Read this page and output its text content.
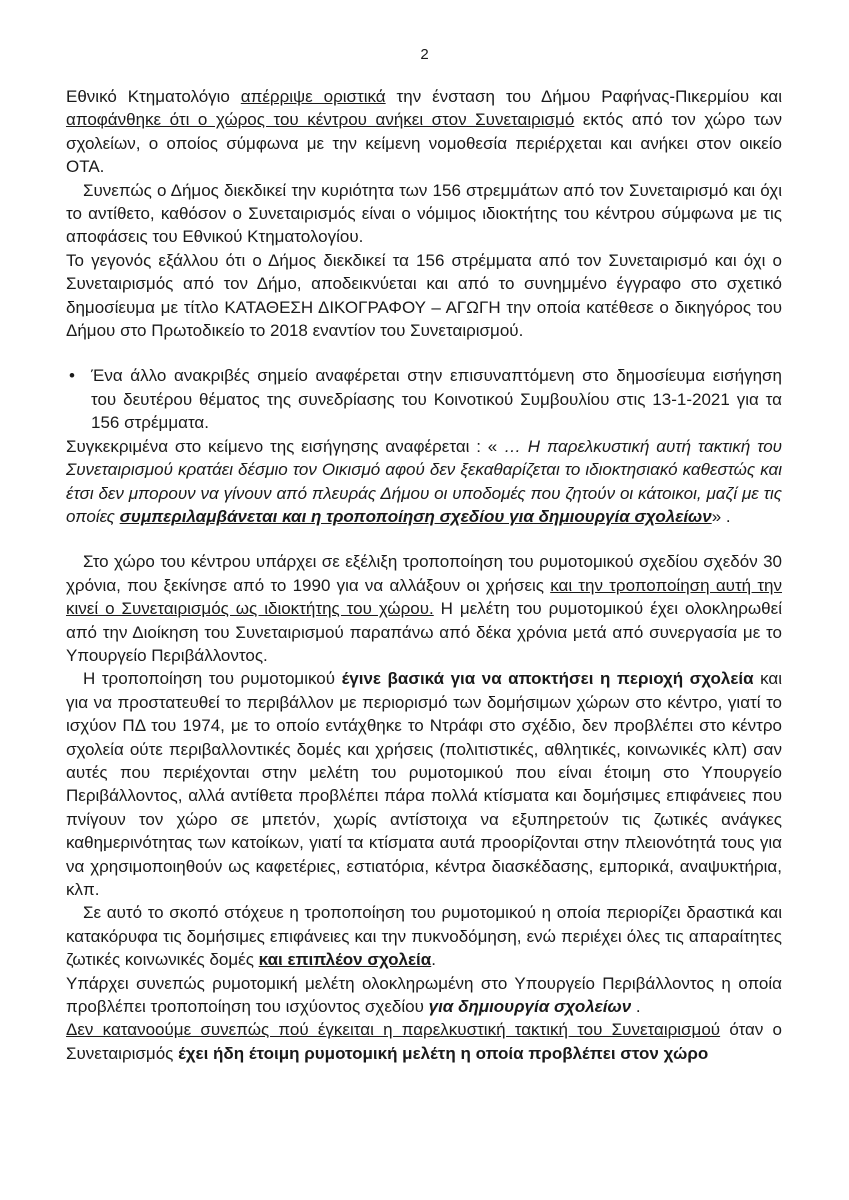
2

Εθνικό Κτηματολόγιο απέρριψε οριστικά την ένσταση του Δήμου Ραφήνας-Πικερμίου και αποφάνθηκε ότι ο χώρος του κέντρου ανήκει στον Συνεταιρισμό εκτός από τον χώρο των σχολείων, ο οποίος σύμφωνα με την κείμενη νομοθεσία περιέρχεται και ανήκει στον οικείο ΟΤΑ.

Συνεπώς ο Δήμος διεκδικεί την κυριότητα των 156 στρεμμάτων από τον Συνεταιρισμό και όχι το αντίθετο, καθόσον ο Συνεταιρισμός είναι ο νόμιμος ιδιοκτήτης του κέντρου σύμφωνα με τις αποφάσεις του Εθνικού Κτηματολογίου.

Το γεγονός εξάλλου ότι ο Δήμος διεκδικεί τα 156 στρέμματα από τον Συνεταιρισμό και όχι ο Συνεταιρισμός από τον Δήμο, αποδεικνύεται και από το συνημμένο έγγραφο στο σχετικό δημοσίευμα με τίτλο ΚΑΤΑΘΕΣΗ ΔΙΚΟΓΡΑΦΟΥ – ΑΓΩΓΗ την οποία κατέθεσε ο δικηγόρος του Δήμου στο Πρωτοδικείο το 2018 εναντίον του Συνεταιρισμού.

• Ένα άλλο ανακριβές σημείο αναφέρεται στην επισυναπτόμενη στο δημοσίευμα εισήγηση του δευτέρου θέματος της συνεδρίασης του Κοινοτικού Συμβουλίου στις 13-1-2021 για τα 156 στρέμματα.

Συγκεκριμένα στο κείμενο της εισήγησης αναφέρεται : « … Η παρελκυστική αυτή τακτική του Συνεταιρισμού κρατάει δέσμιο τον Οικισμό αφού δεν ξεκαθαρίζεται το ιδιοκτησιακό καθεστώς και έτσι δεν μπορουν να γίνουν από πλευράς Δήμου οι υποδομές που ζητούν οι κάτοικοι, μαζί με τις οποίες συμπεριλαμβάνεται και η τροποποίηση σχεδίου για δημιουργία σχολείων» .

Στο χώρο του κέντρου υπάρχει σε εξέλιξη τροποποίηση του ρυμοτομικού σχεδίου σχεδόν 30 χρόνια, που ξεκίνησε από το 1990 για να αλλάξουν οι χρήσεις και την τροποποίηση αυτή την κινεί ο Συνεταιρισμός ως ιδιοκτήτης του χώρου. Η μελέτη του ρυμοτομικού έχει ολοκληρωθεί από την Διοίκηση του Συνεταιρισμού παραπάνω από δέκα χρόνια μετά από συνεργασία με το Υπουργείο Περιβάλλοντος.

Η τροποποίηση του ρυμοτομικού έγινε βασικά για να αποκτήσει η περιοχή σχολεία και για να προστατευθεί το περιβάλλον με περιορισμό των δομήσιμων χώρων στο κέντρο, γιατί το ισχύον ΠΔ του 1974, με το οποίο εντάχθηκε το Ντράφι στο σχέδιο, δεν προβλέπει στο κέντρο σχολεία ούτε περιβαλλοντικές δομές και χρήσεις (πολιτιστικές, αθλητικές, κοινωνικές κλπ) σαν αυτές που περιέχονται στην μελέτη του ρυμοτομικού που είναι έτοιμη στο Υπουργείο Περιβάλλοντος, αλλά αντίθετα προβλέπει πάρα πολλά κτίσματα και δομήσιμες επιφάνειες που πνίγουν τον χώρο σε μπετόν, χωρίς αντίστοιχα να εξυπηρετούν τις ζωτικές ανάγκες καθημερινότητας των κατοίκων, γιατί τα κτίσματα αυτά προορίζονται στην πλειονότητά τους για να χρησιμοποιηθούν ως καφετέριες, εστιατόρια, κέντρα διασκέδασης, εμπορικά, αναψυκτήρια, κλπ.

Σε αυτό το σκοπό στόχευε η τροποποίηση του ρυμοτομικού η οποία περιορίζει δραστικά και κατακόρυφα τις δομήσιμες επιφάνειες και την πυκνοδόμηση, ενώ περιέχει όλες τις απαραίτητες ζωτικές κοινωνικές δομές και επιπλέον σχολεία.

Υπάρχει συνεπώς ρυμοτομική μελέτη ολοκληρωμένη στο Υπουργείο Περιβάλλοντος η οποία προβλέπει τροποποίηση του ισχύοντος σχεδίου για δημιουργία σχολείων .

Δεν κατανοούμε συνεπώς πού έγκειται η παρελκυστική τακτική του Συνεταιρισμού όταν ο Συνεταιρισμός έχει ήδη έτοιμη ρυμοτομική μελέτη η οποία προβλέπει στον χώρο
